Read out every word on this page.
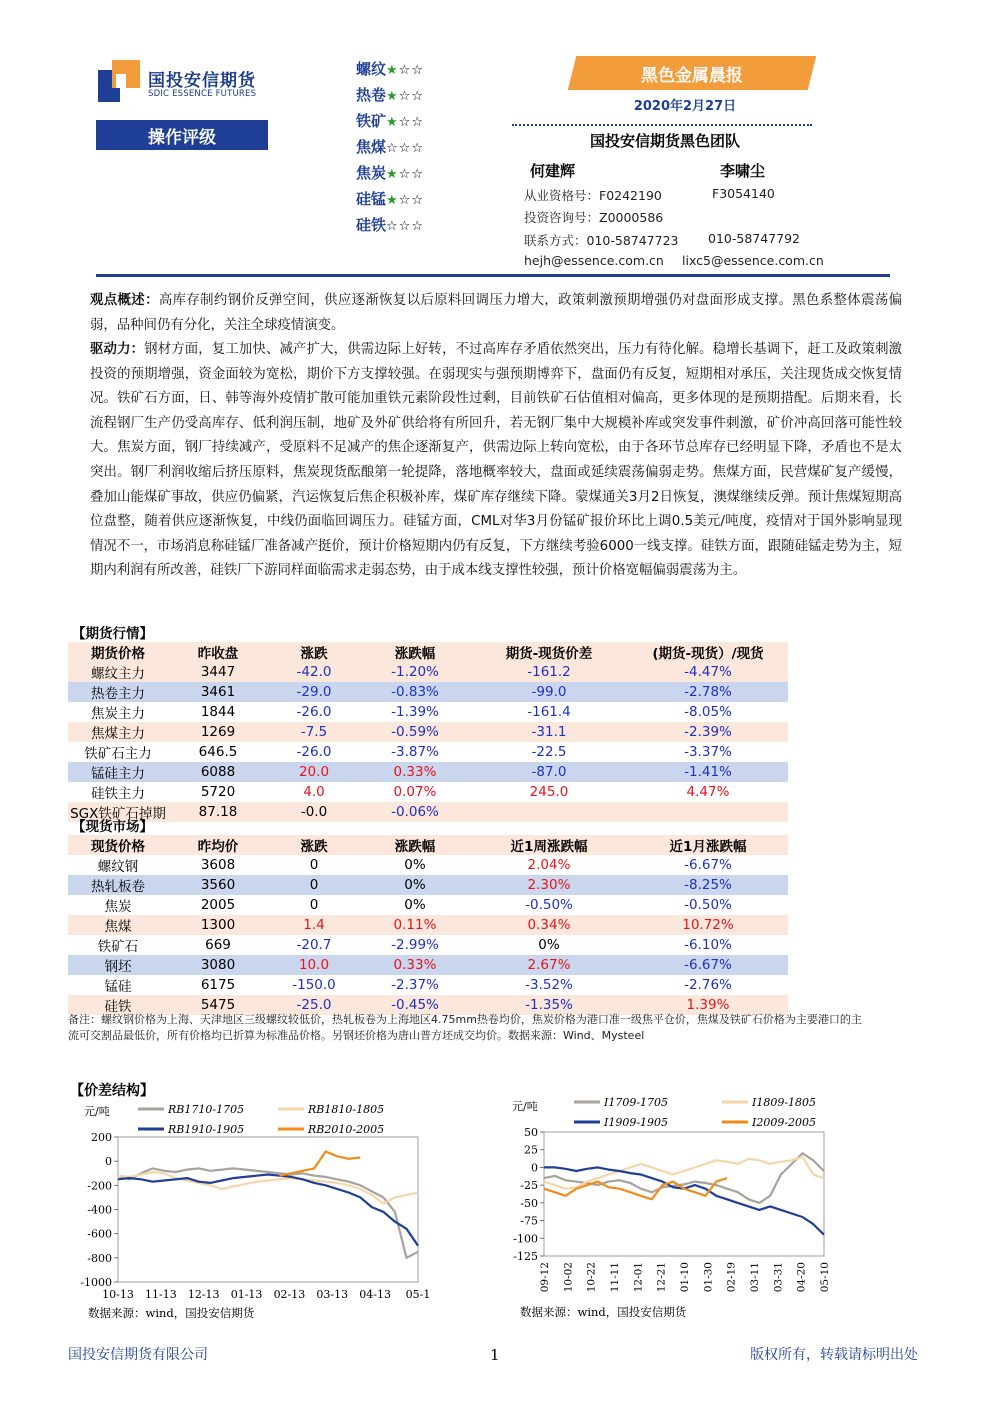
国投安信期货
SDIC ESSENCE FUTURES
操作评级
螺纹★☆☆
热卷★☆☆
铁矿★☆☆
焦煤☆☆☆
焦炭★☆☆
硅锰★☆☆
硅铁☆☆☆
黑色金属晨报
2020年2月27日
国投安信期货黑色团队
何建辉	李啸尘
从业资格号：F0242190	F3054140
投资咨询号：Z0000586
联系方式：010-58747723 010-58747792
hejh@essence.com.cn lixc5@essence.com.cn
观点概述：高库存制约钢价反弹空间，供应逐渐恢复以后原料回调压力增大，政策刺激预期增强仍对盘面形成支撑。黑色系整体震荡偏弱，品种间仍有分化，关注全球疫情演变。
驱动力：钢材方面，复工加快、减产扩大，供需边际上好转，不过高库存矛盾依然突出，压力有待化解。稳增长基调下，赶工及政策刺激投资的预期增强，资金面较为宽松，期价下方支撑较强。在弱现实与强预期博弈下，盘面仍有反复，短期相对承压，关注现货成交恢复情况。铁矿石方面，日、韩等海外疫情扩散可能加重铁元素阶段性过剩，目前铁矿石估值相对偏高，更多体现的是预期措配。后期来看，长流程钢厂生产仍受高库存、低利润压制，地矿及外矿供给将有所回升，若无钢厂集中大规模补库或突发事件刺激，矿价冲高回落可能性较大。焦炭方面，钢厂持续减产，受原料不足减产的焦企逐渐复产，供需边际上转向宽松，由于各环节总库存已经明显下降，矛盾也不是太突出。钢厂利润收缩后挤压原料，焦炭现货酝酿第一轮提降，落地概率较大，盘面或延续震荡偏弱走势。焦煤方面，民营煤矿复产缓慢，叠加山能煤矿事故，供应仍偏紧，汽运恢复后焦企积极补库，煤矿库存继续下降。蒙煤通关3月2日恢复，澳煤继续反弹。预计焦煤短期高位盘整，随着供应逐渐恢复，中线仍面临回调压力。硅锰方面，CML对华3月份锰矿报价环比上调0.5美元/吨度，疫情对于国外影响显现情况不一，市场消息称硅锰厂准备减产挺价，预计价格短期内仍有反复，下方继续考验6000一线支撑。硅铁方面，跟随硅锰走势为主，短期内利润有所改善，硅铁厂下游同样面临需求走弱态势，由于成本线支撑性较强，预计价格宽幅偏弱震荡为主。
【期货行情】					
期货价格	昨收盘	涨跌	涨跌幅	期货-现货价差	(期货-现货）/现货
螺纹主力	3447	-42.0	-1.20%	-161.2	-4.47%
热卷主力	3461	-29.0	-0.83%	-99.0	-2.78%
焦炭主力	1844	-26.0	-1.39%	-161.4	-8.05%
焦煤主力	1269	-7.5	-0.59%	-31.1	-2.39%
铁矿石主力	646.5	-26.0	-3.87%	-22.5	-3.37%
锰硅主力	6088	20.0	0.33%	-87.0	-1.41%
硅铁主力	5720	4.0	0.07%	245.0	4.47%
SGX铁矿石掉期	87.18	-0.0	-0.06%		
【现货市场】					
现货价格	昨均价	涨跌	涨跌幅	近1周涨跌幅	近1月涨跌幅
螺纹钢	3608	0	0%	2.04%	-6.67%
热轧板卷	3560	0	0%	2.30%	-8.25%
焦炭	2005	0	0%	-0.50%	-0.50%
焦煤	1300	1.4	0.11%	0.34%	10.72%
铁矿石	669	-20.7	-2.99%	0%	-6.10%
钢坯	3080	10.0	0.33%	2.67%	-6.67%
锰硅	6175	-150.0	-2.37%	-3.52%	-2.76%
硅铁	5475	-25.0	-0.45%	-1.35%	1.39%
备注：螺纹钢价格为上海、天津地区三级螺纹较低价，热轧板卷为上海地区4.75mm热卷均价，焦炭价格为港口准一级焦平仓价，焦煤及铁矿石价格为主要港口的主流可交割品最低价，所有价格均已折算为标准品价格。另钢坯价格为唐山普方坯成交均价。数据来源：Wind、Mysteel
【价差结构】
200
0
-200
-400
-600
-800
-1000
元/吨
10-13 11-13 12-13 01-13 02-13 03-13 04-13 05-1
RB1710-1705	RB1810-1805
RB1910-1905	RB2010-2005
数据来源：wind，国投安信期货
50
25
0
-25
-50
-75
-100
-125
元/吨
09-12 10-02 10-22 11-11 12-01 12-21 01-10 01-30 02-19 03-11 03-31 04-20 05-10
I1709-1705	I1809-1805
I1909-1905	I2009-2005
数据来源：wind，国投安信期货
国投安信期货有限公司	1	版权所有，转载请标明出处
